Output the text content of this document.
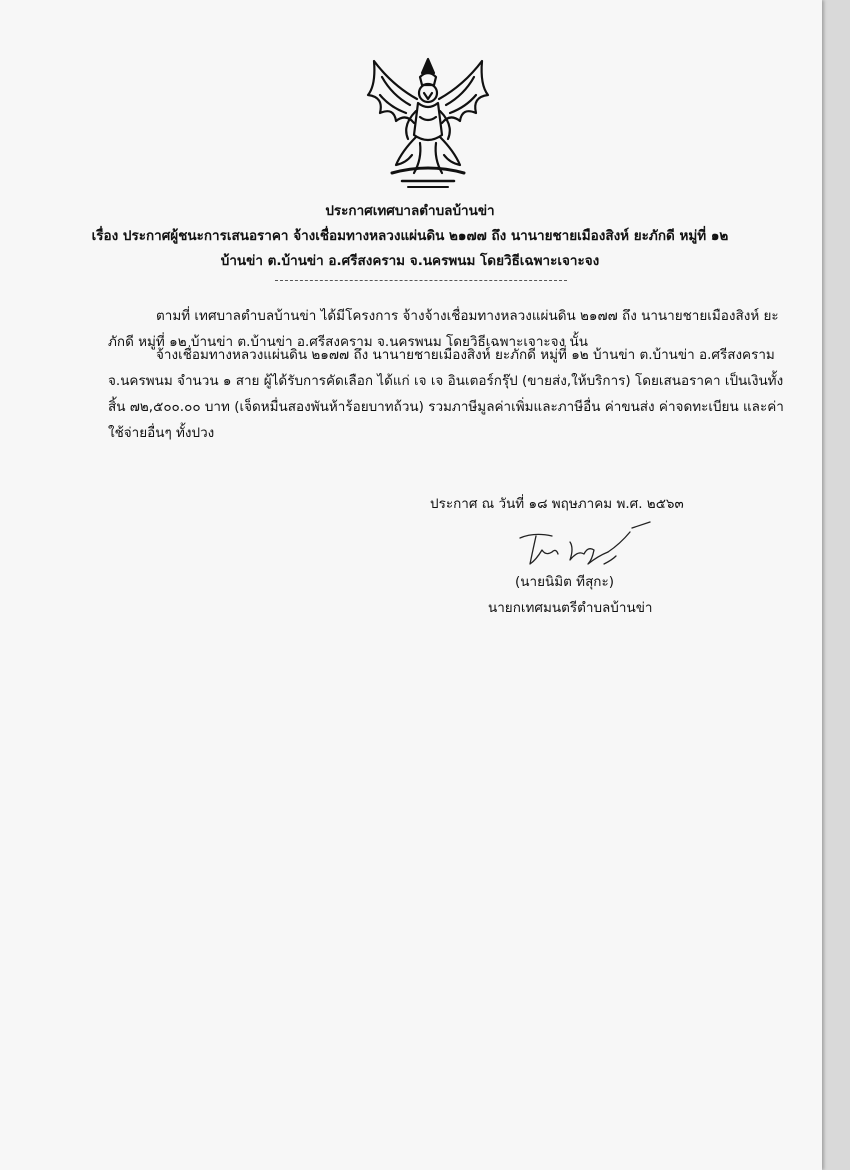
ประกาศเทศบาลตำบลบ้านข่า
เรื่อง ประกาศผู้ชนะการเสนอราคา จ้างเชื่อมทางหลวงแผ่นดิน ๒๑๗๗ ถึง นานายชายเมืองสิงห์ ยะภักดี หมู่ที่ ๑๒
บ้านข่า ต.บ้านข่า อ.ศรีสงคราม จ.นครพนม โดยวิธีเฉพาะเจาะจง
ตามที่ เทศบาลตำบลบ้านข่า ได้มีโครงการ จ้างจ้างเชื่อมทางหลวงแผ่นดิน ๒๑๗๗ ถึง นานายชายเมืองสิงห์ ยะภักดี หมู่ที่ ๑๒ บ้านข่า ต.บ้านข่า อ.ศรีสงคราม จ.นครพนม โดยวิธีเฉพาะเจาะจง นั้น
จ้างเชื่อมทางหลวงแผ่นดิน ๒๑๗๗ ถึง นานายชายเมืองสิงห์ ยะภักดี หมู่ที่ ๑๒ บ้านข่า ต.บ้านข่า อ.ศรีสงคราม จ.นครพนม จำนวน ๑ สาย ผู้ได้รับการคัดเลือก ได้แก่ เจ เจ อินเตอร์กรุ๊ป (ขายส่ง,ให้บริการ) โดยเสนอราคา เป็นเงินทั้งสิ้น ๗๒,๕๐๐.๐๐ บาท (เจ็ดหมื่นสองพันห้าร้อยบาทถ้วน) รวมภาษีมูลค่าเพิ่มและภาษีอื่น ค่าขนส่ง ค่าจดทะเบียน และค่าใช้จ่ายอื่นๆ ทั้งปวง
ประกาศ ณ วันที่ ๑๘ พฤษภาคม พ.ศ. ๒๕๖๓
(นายนิมิต ทีสุกะ)
นายกเทศมนตรีตำบลบ้านข่า
